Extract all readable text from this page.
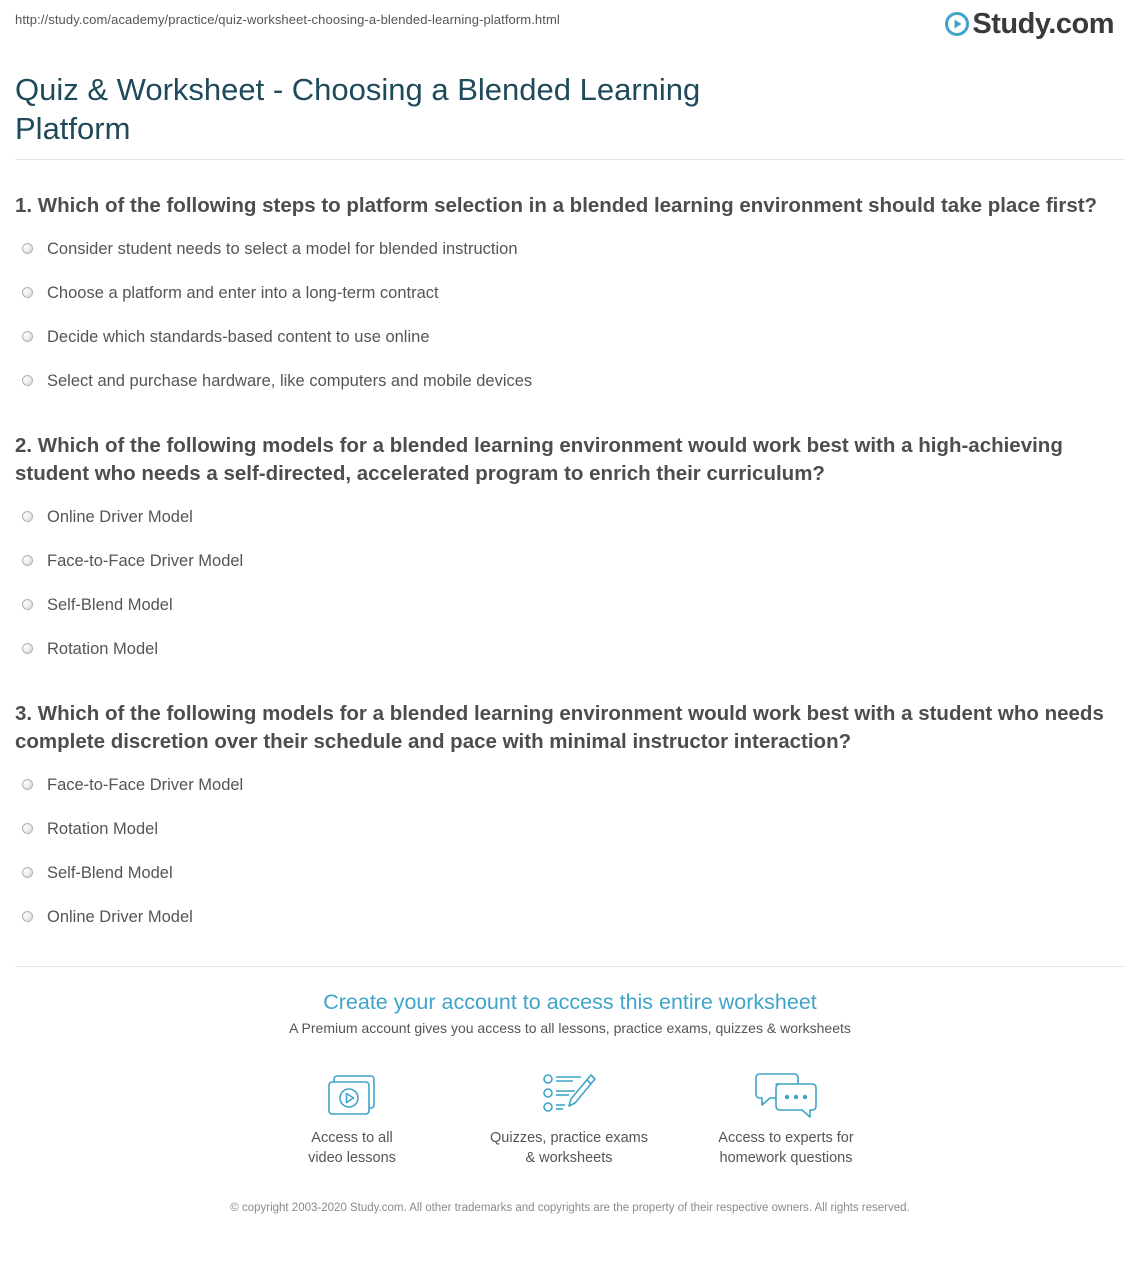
http://study.com/academy/practice/quiz-worksheet-choosing-a-blended-learning-platform.html	Study.com
Quiz & Worksheet - Choosing a Blended Learning Platform
1. Which of the following steps to platform selection in a blended learning environment should take place first?
Consider student needs to select a model for blended instruction
Choose a platform and enter into a long-term contract
Decide which standards-based content to use online
Select and purchase hardware, like computers and mobile devices
2. Which of the following models for a blended learning environment would work best with a high-achieving student who needs a self-directed, accelerated program to enrich their curriculum?
Online Driver Model
Face-to-Face Driver Model
Self-Blend Model
Rotation Model
3. Which of the following models for a blended learning environment would work best with a student who needs complete discretion over their schedule and pace with minimal instructor interaction?
Face-to-Face Driver Model
Rotation Model
Self-Blend Model
Online Driver Model
Create your account to access this entire worksheet
A Premium account gives you access to all lessons, practice exams, quizzes & worksheets
Access to all
video lessons
Quizzes, practice exams
& worksheets
Access to experts for
homework questions
© copyright 2003-2020 Study.com. All other trademarks and copyrights are the property of their respective owners. All rights reserved.
